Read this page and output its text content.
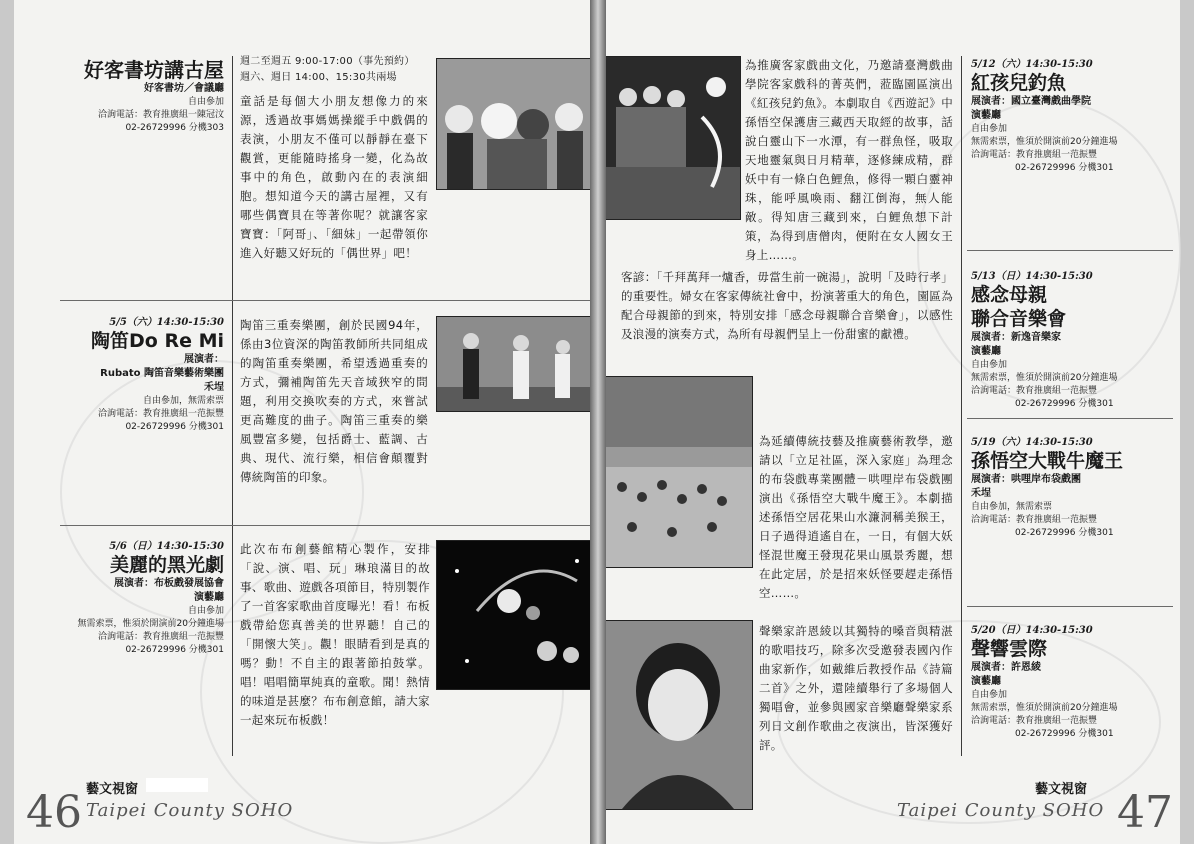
好客書坊講古屋
好客書坊／會議廳
自由參加
洽詢電話：教育推廣組一陳冠汶
02-26729996 分機303
週二至週五 9:00-17:00（事先預約）
週六、週日 14:00、15:30共兩場
童話是每個大小朋友想像力的來源，透過故事媽媽操縱手中戲偶的表演，小朋友不僅可以靜靜在臺下觀賞，更能隨時搖身一變，化為故事中的角色，啟動內在的表演細胞。想知道今天的講古屋裡，又有哪些偶寶貝在等著你呢？就讓客家寶寶：「阿哥」、「細妹」一起帶領你進入好聽又好玩的「偶世界」吧！
5/5（六）14:30-15:30
陶笛Do Re Mi
展演者：
Rubato 陶笛音樂藝術樂團
禾埕
自由參加，無需索票
洽詢電話：教育推廣組一范振豐
02-26729996 分機301
陶笛三重奏樂團，創於民國94年，係由3位資深的陶笛教師所共同組成的陶笛重奏樂團，希望透過重奏的方式，彌補陶笛先天音域狹窄的問題，利用交換吹奏的方式，來嘗試更高難度的曲子。陶笛三重奏的樂風豐富多變，包括爵士、藍調、古典、現代、流行樂，相信會顛覆對傳統陶笛的印象。
5/6（日）14:30-15:30
美麗的黑光劇
展演者：布板戲發展協會
演藝廳
自由參加
無需索票，惟須於開演前20分鐘進場
洽詢電話：教育推廣組一范振豐
02-26729996 分機301
此次布布創藝館精心製作，安排「說、演、唱、玩」琳琅滿目的故事、歌曲、遊戲各項節目，特別製作了一首客家歌曲首度曝光！看！布板戲帶給您真善美的世界聽！自己的「開懷大笑」。觀！眼睛看到是真的嗎？動！不自主的跟著節拍鼓掌。唱！唱唱簡單純真的童歌。聞！熱情的味道是甚麼？布布創意館，請大家一起來玩布板戲！
46 藝文視窗
Taipei County SOHO
為推廣客家戲曲文化，乃邀請臺灣戲曲學院客家戲科的菁英們，蒞臨園區演出《紅孩兒釣魚》。本劇取自《西遊記》中孫悟空保護唐三藏西天取經的故事，話說白靈山下一水潭，有一群魚怪，吸取天地靈氣與日月精華，逐修練成精，群妖中有一條白色鯉魚，修得一顆白靈神珠，能呼風喚雨、翻江倒海，無人能敵。得知唐三藏到來，白鯉魚想下計策，為得到唐僧肉，便附在女人國女王身上……。
客諺：「千拜萬拜一爐香，毋當生前一碗湯」，說明「及時行孝」的重要性。婦女在客家傳統社會中，扮演著重大的角色，園區為配合母親節的到來，特別安排「感念母親聯合音樂會」，以感性及浪漫的演奏方式，為所有母親們呈上一份甜蜜的獻禮。
為延續傳統技藝及推廣藝術教學，邀請以「立足社區，深入家庭」為理念的布袋戲專業團體－哄哩岸布袋戲團演出《孫悟空大戰牛魔王》。本劇描述孫悟空居花果山水濂洞稱美猴王，日子過得逍遙自在，一日，有個大妖怪混世魔王發現花果山風景秀麗，想在此定居，於是招來妖怪要趕走孫悟空……。
聲樂家許恩綾以其獨特的嗓音與精湛的歌唱技巧，除多次受邀發表國內作曲家新作，如戴維后教授作品《詩篇二首》之外，還陸續舉行了多場個人獨唱會，並參與國家音樂廳聲樂家系列日文創作歌曲之夜演出，皆深獲好評。
5/12（六）14:30-15:30
紅孩兒釣魚
展演者：國立臺灣戲曲學院
演藝廳
自由參加
無需索票，惟須於開演前20分鐘進場
洽詢電話：教育推廣組一范振豐
02-26729996 分機301
5/13（日）14:30-15:30
感念母親
聯合音樂會
展演者：新逸音樂家
演藝廳
自由參加
無需索票，惟須於開演前20分鐘進場
洽詢電話：教育推廣組一范振豐
02-26729996 分機301
5/19（六）14:30-15:30
孫悟空大戰牛魔王
展演者：哄哩岸布袋戲團
禾埕
自由參加，無需索票
洽詢電話：教育推廣組一范振豐
02-26729996 分機301
5/20（日）14:30-15:30
聲響雲際
展演者：許恩綾
演藝廳
自由參加
無需索票，惟須於開演前20分鐘進場
洽詢電話：教育推廣組一范振豐
02-26729996 分機301
藝文視窗
Taipei County SOHO 47
